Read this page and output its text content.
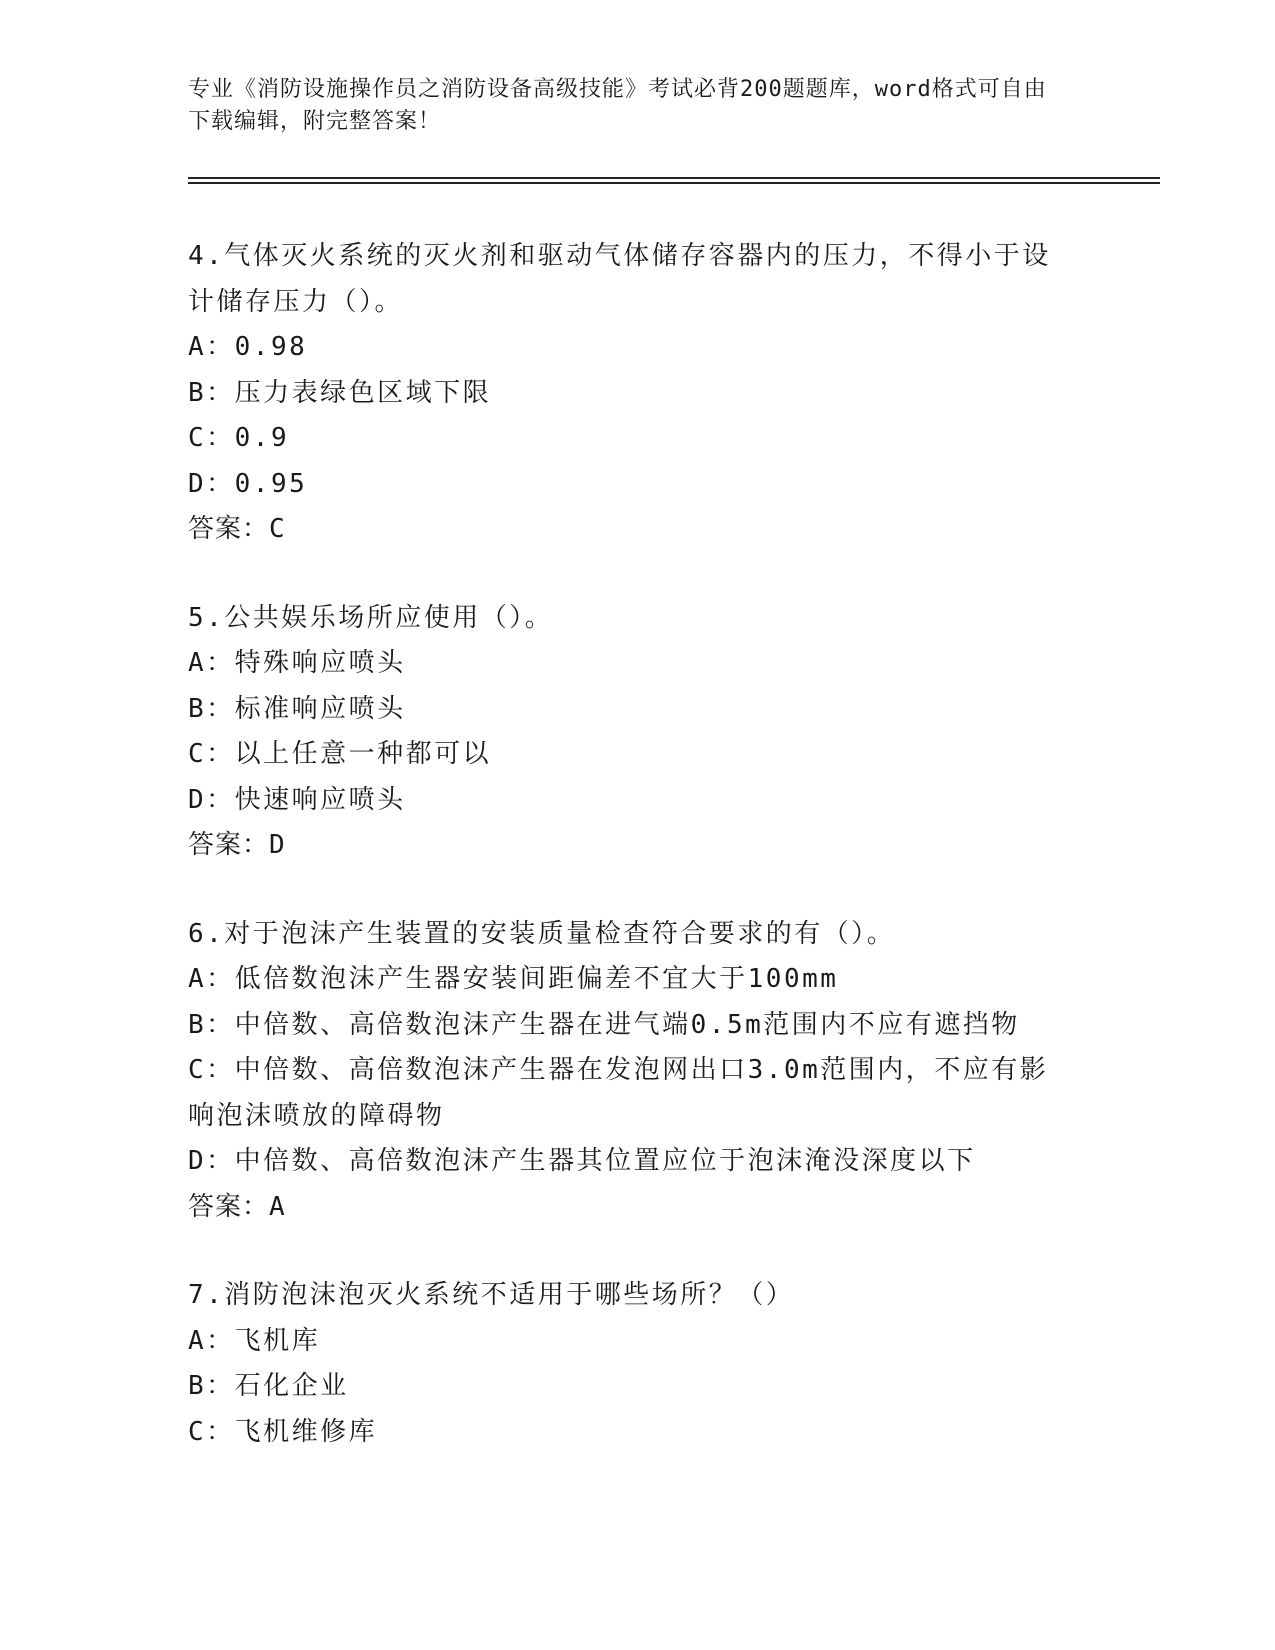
专业《消防设施操作员之消防设备高级技能》考试必背200题题库，word格式可自由下载编辑，附完整答案！

4.气体灭火系统的灭火剂和驱动气体储存容器内的压力，不得小于设计储存压力（）。

A：0.98

B：压力表绿色区域下限

C：0.9

D：0.95

答案：C

5.公共娱乐场所应使用（）。

A：特殊响应喷头

B：标准响应喷头

C：以上任意一种都可以

D：快速响应喷头

答案：D

6.对于泡沫产生装置的安装质量检查符合要求的有（）。

A：低倍数泡沫产生器安装间距偏差不宜大于100mm

B：中倍数、高倍数泡沫产生器在进气端0.5m范围内不应有遮挡物

C：中倍数、高倍数泡沫产生器在发泡网出口3.0m范围内，不应有影响泡沫喷放的障碍物

D：中倍数、高倍数泡沫产生器其位置应位于泡沫淹没深度以下

答案：A

7.消防泡沫泡灭火系统不适用于哪些场所？（）

A：飞机库

B：石化企业

C：飞机维修库
